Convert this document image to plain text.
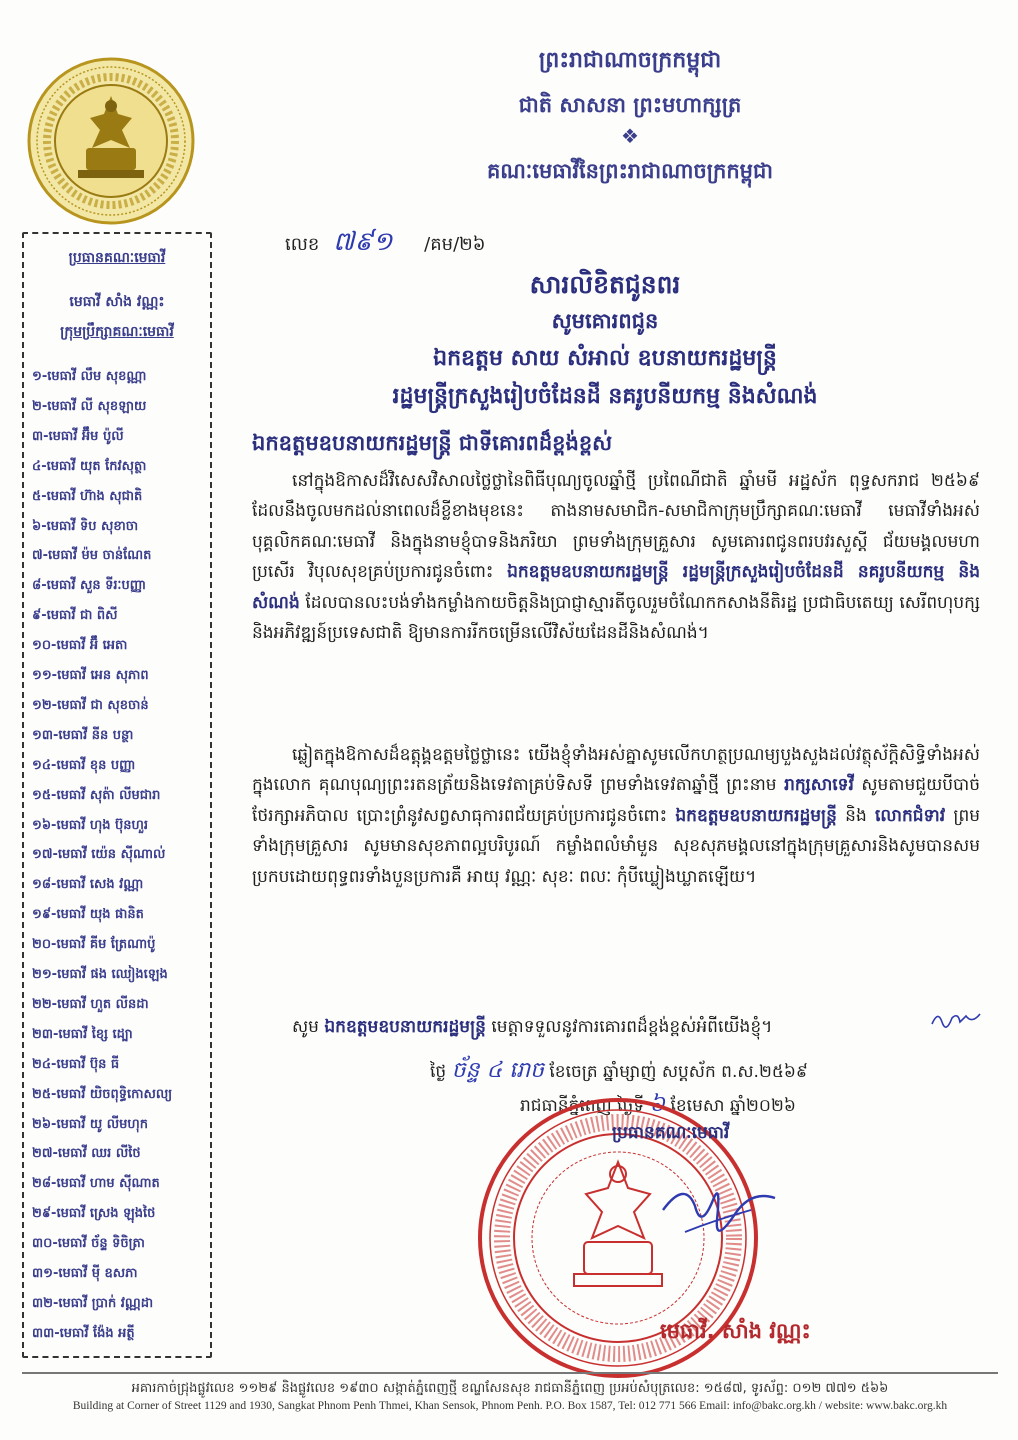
ព្រះរាជាណាចក្រកម្ពុជា
ជាតិ សាសនា ព្រះមហាក្សត្រ
❖
គណៈមេធាវីនៃព្រះរាជាណាចក្រកម្ពុជា
ប្រធានគណៈមេធាវី
មេធាវី សាំង វណ្ណះ
ក្រុមប្រឹក្សាគណៈមេធាវី
១-មេធាវី លឹម សុខណ្ណា
២-មេធាវី លី សុខឡាយ
៣-មេធាវី អ៊ឹម ប៉ូលី
៤-មេធាវី យុត កែវសុត្ថា
៥-មេធាវី ហ៊ាង សុជាតិ
៦-មេធាវី ទិប សុខាចា
៧-មេធាវី ម៉ម ចាន់ណែត
៨-មេធាវី សួន ទីរៈបញ្ញា
៩-មេធាវី ជា ពិសី
១០-មេធាវី អ៊ឹ អេតា
១១-មេធាវី អេន សុភាព
១២-មេធាវី ជា សុខចាន់
១៣-មេធាវី នីន បន្ថា
១៤-មេធាវី ខុន បញ្ញា
១៥-មេធាវី សុត៉ា លីមជារា
១៦-មេធាវី ហុង ប៊ុនហួរ
១៧-មេធាវី យ៉េន ស៊ីណាល់
១៨-មេធាវី សេង វណ្ណា
១៩-មេធាវី យុង ផានិត
២០-មេធាវី គីម ត្រែណាប៉ូ
២១-មេធាវី ផង ឈៀងឡេង
២២-មេធាវី ហួត លីនដា
២៣-មេធាវី ខ្សៃ ដ្បោ
២៤-មេធាវី ប៊ុន ធី
២៥-មេធាវី យិចពុទ្ធិកោសល្យ
២៦-មេធាវី យូ លីមហុក
២៧-មេធាវី ឈរ លីថៃ
២៨-មេធាវី ហាម ស៊ីណាត
២៩-មេធាវី ស្រេង ឡុងថៃ
៣០-មេធាវី ច័ន្ទ ទិចិត្រា
៣១-មេធាវី ម៉ី ឧសភា
៣២-មេធាវី ប្រាក់ វណ្ណដា
៣៣-មេធាវី ង៉ែង អត្ថី
លេខ ៧៩១ /គម/២៦
សារលិខិតជូនពរ
សូមគោរពជូន
ឯកឧត្តម សាយ សំអាល់ ឧបនាយករដ្ឋមន្ត្រី
រដ្ឋមន្ត្រីក្រសួងរៀបចំដែនដី នគរូបនីយកម្ម និងសំណង់
ឯកឧត្តមឧបនាយករដ្ឋមន្ត្រី ជាទីគោរពដ៏ខ្ពង់ខ្ពស់
នៅក្នុងឱកាសដ៏វិសេសវិសាលថ្លៃថ្លានៃពិធីបុណ្យចូលឆ្នាំថ្មី ប្រពៃណីជាតិ ឆ្នាំមមី អដ្ឋស័ក ពុទ្ធសករាជ ២៥៦៩ ដែលនឹងចូលមកដល់នាពេលដ៏ខ្លីខាងមុខនេះ តាងនាមសមាជិក-សមាជិកាក្រុមប្រឹក្សាគណៈមេធាវី មេធាវីទាំងអស់ បុគ្គលិកគណៈមេធាវី និងក្នុងនាមខ្ញុំបាទនិងភរិយា ព្រមទាំងក្រុមគ្រួសារ សូមគោរពជូនពរបវរសួស្តី ជ័យមង្គលមហាប្រសើរ វិបុលសុខគ្រប់ប្រការជូនចំពោះ ឯកឧត្តមឧបនាយករដ្ឋមន្ត្រី រដ្ឋមន្ត្រីក្រសួងរៀបចំដែនដី នគរូបនីយកម្ម និងសំណង់ ដែលបានលះបង់ទាំងកម្លាំងកាយចិត្តនិងប្រាជ្ញាស្មារតីចូលរួមចំណែកកសាងនីតិរដ្ឋ ប្រជាធិបតេយ្យ សេរីពហុបក្ស និងអភិវឌ្ឍន៍ប្រទេសជាតិ ឱ្យមានការរីកចម្រើនលើវិស័យដែនដីនិងសំណង់។
ឆ្លៀតក្នុងឱកាសដ៏ឧត្តុង្គឧត្តមថ្លៃថ្លានេះ យើងខ្ញុំទាំងអស់គ្នាសូមលើកហត្ថប្រណម្យបួងសួងដល់វត្ថុស័ក្តិសិទ្ធិទាំងអស់ក្នុងលោក គុណបុណ្យព្រះរតនត្រ័យនិងទេវតាគ្រប់ទិសទី ព្រមទាំងទេវតាឆ្នាំថ្មី ព្រះនាម រាក្សសាទេវី សូមតាមជួយបីបាច់ថែរក្សាអភិបាល ប្រោះព្រំនូវសព្វសាធុការពជ័យគ្រប់ប្រការជូនចំពោះ ឯកឧត្តមឧបនាយករដ្ឋមន្ត្រី និង លោកជំទាវ ព្រមទាំងក្រុមគ្រួសារ សូមមានសុខភាពល្អបរិបូរណ៍ កម្លាំងពលំមាំមួន សុខសុភមង្គលនៅក្នុងក្រុមគ្រួសារនិងសូមបានសមប្រកបដោយពុទ្ធពរទាំងបួនប្រការគឺ អាយុ វណ្ណៈ សុខៈ ពលៈ កុំបីឃ្លៀងឃ្លាតឡើយ។
សូម ឯកឧត្តមឧបនាយករដ្ឋមន្ត្រី មេត្តាទទួលនូវការគោរពដ៏ខ្ពង់ខ្ពស់អំពីយើងខ្ញុំ។
ថ្ងៃ ច័ន្ទ ៤ រោច ខែចេត្រ ឆ្នាំម្សាញ់ សប្តស័ក ព.ស.២៥៦៩
រាជធានីភ្នំពេញ ថ្ងៃទី ៦ ខែមេសា ឆ្នាំ២០២៦
ប្រធានគណៈមេធាវី
មេធាវី. សាំង វណ្ណះ
អគារកាច់ជ្រុងផ្លូវលេខ ១១២៩ និងផ្លូវលេខ ១៩៣០ សង្កាត់ភ្នំពេញថ្មី ខណ្ឌសែនសុខ រាជធានីភ្នំពេញ ប្រអប់សំបុត្រលេខ: ១៥៨៧, ទូរស័ព្ទ: ០១២ ៧៧១ ៥៦៦
Building at Corner of Street 1129 and 1930, Sangkat Phnom Penh Thmei, Khan Sensok, Phnom Penh. P.O. Box 1587, Tel: 012 771 566 Email: info@bakc.org.kh / website: www.bakc.org.kh
